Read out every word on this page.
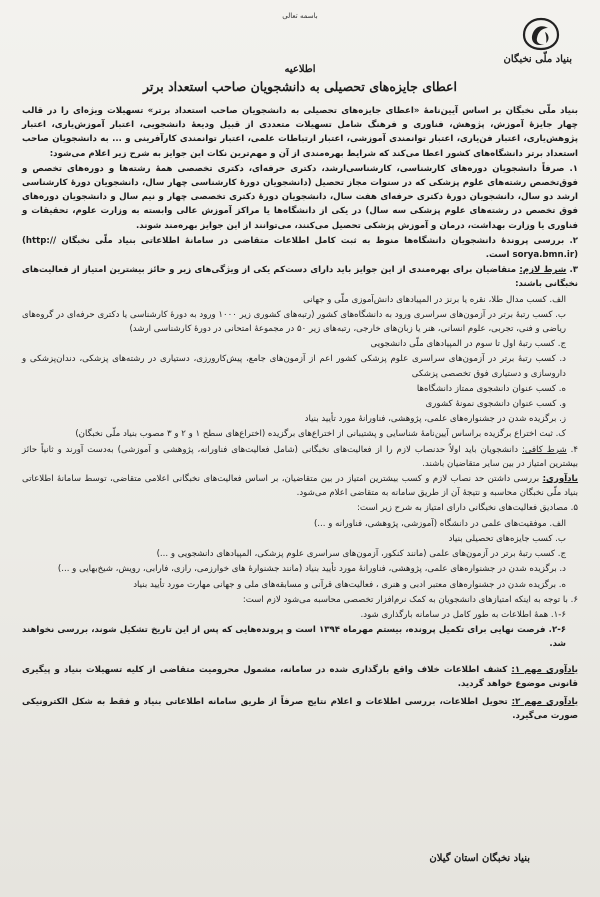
باسمه تعالی
بنیاد ملّی نخبگان
اطلاعیه
اعطای جایزه‌های تحصیلی به دانشجویان صاحب استعداد برتر

بنیاد ملّی نخبگان بر اساس آیین‌نامهٔ «اعطای جایزه‌های تحصیلی به دانشجویان صاحب استعداد برتر» تسهیلات ویژه‌ای را در قالب چهار جایزهٔ آموزش، پژوهش، فناوری و فرهنگ شامل تسهیلات متعددی از قبیل ودیعهٔ دانشجویی، اعتبار آموزش‌یاری، اعتبار پژوهش‌یاری، اعتبار فن‌یاری، اعتبار توانمندی آموزشی، اعتبار ارتباطات علمی، اعتبار توانمندی کارآفرینی و ... به دانشجویان صاحب استعداد برتر دانشگاه‌های کشور اعطا می‌کند که شرایط بهره‌مندی از آن و مهم‌ترین نکات این جوایز به شرح زیر اعلام می‌شود:

۱. صرفاً دانشجویان دوره‌های کارشناسی، کارشناسی‌ارشد، دکتری حرفه‌ای، دکتری تخصصی همهٔ رشته‌ها و دوره‌های تخصص و فوق‌تخصص رشته‌های علوم پزشکی که در سنوات مجاز تحصیل (دانشجویان دورهٔ کارشناسی چهار سال، دانشجویان دورهٔ کارشناسی ارشد دو سال، دانشجویان دورهٔ دکتری حرفه‌ای هفت سال، دانشجویان دورهٔ دکتری تخصصی چهار و نیم سال و دانشجویان دوره‌های فوق تخصص در رشته‌های علوم پزشکی سه سال) در یکی از دانشگاه‌ها یا مراکز آموزش عالی وابسته به وزارت علوم، تحقیقات و فناوری یا وزارت بهداشت، درمان و آموزش پزشکی تحصیل می‌کنند، می‌توانند از این جوایز بهره‌مند شوند.

۲. بررسی پروندهٔ دانشجویان دانشگاه‌ها منوط به ثبت کامل اطلاعات متقاضی در سامانهٔ اطلاعاتی بنیاد ملّی نخبگان (http:// sorya.bmn.ir) است.

۳. شرط لازم: متقاضیان برای بهره‌مندی از این جوایز باید دارای دست‌کم یکی از ویژگی‌های زیر و حائز بیشترین امتیاز از فعالیت‌های نخبگانی باشند:

الف. کسب مدال طلا، نقره یا برنز در المپیادهای دانش‌آموزی ملّی و جهانی

ب. کسب رتبهٔ برتر در آزمون‌های سراسری ورود به دانشگاه‌های کشور (رتبه‌های کشوری زیر ۱۰۰۰ ورود به دورهٔ کارشناسی یا دکتری حرفه‌ای در گروه‌های ریاضی و فنی، تجربی، علوم انسانی، هنر یا زبان‌های خارجی، رتبه‌های زیر ۵۰ در مجموعهٔ امتحانی در دورهٔ کارشناسی ارشد)

ج. کسب رتبهٔ اول تا سوم در المپیادهای ملّی دانشجویی

د. کسب رتبهٔ برتر در آزمون‌های سراسری علوم پزشکی کشور اعم از آزمون‌های جامع، پیش‌کارورزی، دستیاری در رشته‌های پزشکی، دندان‌پزشکی و داروسازی و دستیاری فوق تخصصی پزشکی

ه. کسب عنوان دانشجوی ممتاز دانشگاه‌ها

و. کسب عنوان دانشجوی نمونهٔ کشوری

ز. برگزیده شدن در جشنواره‌های علمی، پژوهشی، فناورانهٔ مورد تأیید بنیاد

ک. ثبت اختراع برگزیده براساس آیین‌نامهٔ شناسایی و پشتیبانی از اختراع‌های برگزیده (اختراع‌های سطح ۱ و ۲ و ۳ مصوب بنیاد ملّی نخبگان)

۴. شرط کافی: دانشجویان باید اولاً حدنصاب لازم را از فعالیت‌های نخبگانی (شامل فعالیت‌های فناورانه، پژوهشی و آموزشی) به‌دست آورند و ثانیاً حائز بیشترین امتیاز در بین سایر متقاضیان باشند.

یادآوری: بررسی داشتن حد نصاب لازم و کسب بیشترین امتیاز در بین متقاضیان، بر اساس فعالیت‌های نخبگانی اعلامی متقاضی، توسط سامانهٔ اطلاعاتی بنیاد ملّی نخبگان محاسبه و نتیجهٔ آن از طریق سامانه به متقاضی اعلام می‌شود.

۵. مصادیق فعالیت‌های نخبگانی دارای امتیاز به شرح زیر است:

الف. موفقیت‌های علمی در دانشگاه (آموزشی، پژوهشی، فناورانه و ...)

ب. کسب جایزه‌های تحصیلی بنیاد

ج. کسب رتبهٔ برتر در آزمون‌های علمی (مانند کنکور، آزمون‌های سراسری علوم پزشکی، المپیادهای دانشجویی و ...)

د. برگزیده شدن در جشنواره‌های علمی، پژوهشی، فناورانهٔ مورد تأیید بنیاد (مانند جشنوارهٔ های خوارزمی، رازی، فارابی، رویش، شیخ‌بهایی و ...)

ه. برگزیده شدن در جشنواره‌های معتبر ادبی و هنری ، فعالیت‌های قرآنی و مسابقه‌های ملی و جهانی مهارت مورد تأیید بنیاد

۶. با توجه به اینکه امتیازهای دانشجویان به کمک نرم‌افزار تخصصی محاسبه می‌شود لازم است:

۱-۶. همهٔ اطلاعات به طور کامل در سامانه بارگذاری شود.

۲-۶. فرصت نهایی برای تکمیل پرونده، بیستم مهرماه ۱۳۹۴ است و پرونده‌هایی که پس از این تاریخ تشکیل شوند، بررسی نخواهند شد.

یادآوری مهم ۱: کشف اطلاعات خلاف واقع بارگذاری شده در سامانه، مشمول محرومیت متقاضی از کلیه تسهیلات بنیاد و پیگیری قانونی موضوع خواهد گردید.

یادآوری مهم ۲: تحویل اطلاعات، بررسی اطلاعات و اعلام نتایج صرفاً از طریق سامانه اطلاعاتی بنیاد و فقط به شکل الکترونیکی صورت می‌گیرد.

بنیاد نخبگان استان گیلان
